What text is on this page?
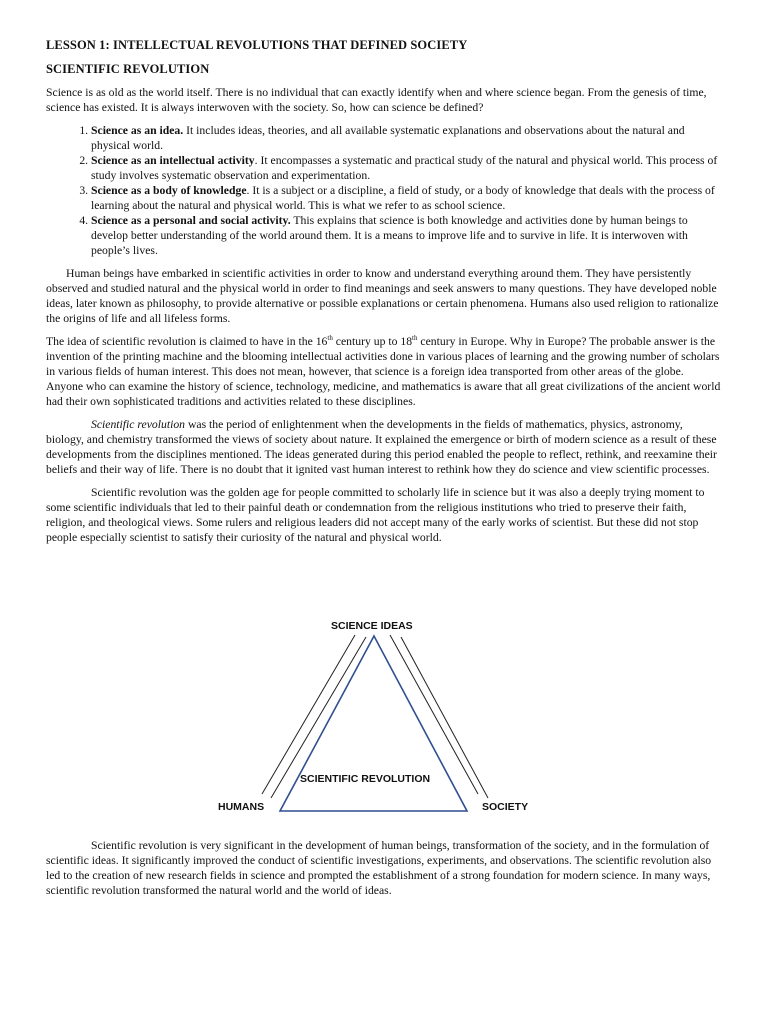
LESSON 1: INTELLECTUAL REVOLUTIONS THAT DEFINED SOCIETY
SCIENTIFIC REVOLUTION

Science is as old as the world itself. There is no individual that can exactly identify when and where science began. From the genesis of time, science has existed. It is always interwoven with the society. So, how can science be defined?

1. Science as an idea. It includes ideas, theories, and all available systematic explanations and observations about the natural and physical world.
2. Science as an intellectual activity. It encompasses a systematic and practical study of the natural and physical world. This process of study involves systematic observation and experimentation.
3. Science as a body of knowledge. It is a subject or a discipline, a field of study, or a body of knowledge that deals with the process of learning about the natural and physical world. This is what we refer to as school science.
4. Science as a personal and social activity. This explains that science is both knowledge and activities done by human beings to develop better understanding of the world around them. It is a means to improve life and to survive in life. It is interwoven with people’s lives.

Human beings have embarked in scientific activities in order to know and understand everything around them. They have persistently observed and studied natural and the physical world in order to find meanings and seek answers to many questions. They have developed noble ideas, later known as philosophy, to provide alternative or possible explanations or certain phenomena. Humans also used religion to rationalize the origins of life and all lifeless forms.

The idea of scientific revolution is claimed to have in the 16th century up to 18th century in Europe. Why in Europe? The probable answer is the invention of the printing machine and the blooming intellectual activities done in various places of learning and the growing number of scholars in various fields of human interest. This does not mean, however, that science is a foreign idea transported from other areas of the globe. Anyone who can examine the history of science, technology, medicine, and mathematics is aware that all great civilizations of the ancient world had their own sophisticated traditions and activities related to these disciplines.

Scientific revolution was the period of enlightenment when the developments in the fields of mathematics, physics, astronomy, biology, and chemistry transformed the views of society about nature. It explained the emergence or birth of modern science as a result of these developments from the disciplines mentioned. The ideas generated during this period enabled the people to reflect, rethink, and reexamine their beliefs and their way of life. There is no doubt that it ignited vast human interest to rethink how they do science and view scientific processes.

Scientific revolution was the golden age for people committed to scholarly life in science but it was also a deeply trying moment to some scientific individuals that led to their painful death or condemnation from the religious institutions who tried to preserve their faith, religion, and theological views. Some rulers and religious leaders did not accept many of the early works of scientist. But these did not stop people especially scientist to satisfy their curiosity of the natural and physical world.

SCIENCE IDEAS
SCIENTIFIC REVOLUTION
HUMANS	SOCIETY

Scientific revolution is very significant in the development of human beings, transformation of the society, and in the formulation of scientific ideas. It significantly improved the conduct of scientific investigations, experiments, and observations. The scientific revolution also led to the creation of new research fields in science and prompted the establishment of a strong foundation for modern science. In many ways, scientific revolution transformed the natural world and the world of ideas.
